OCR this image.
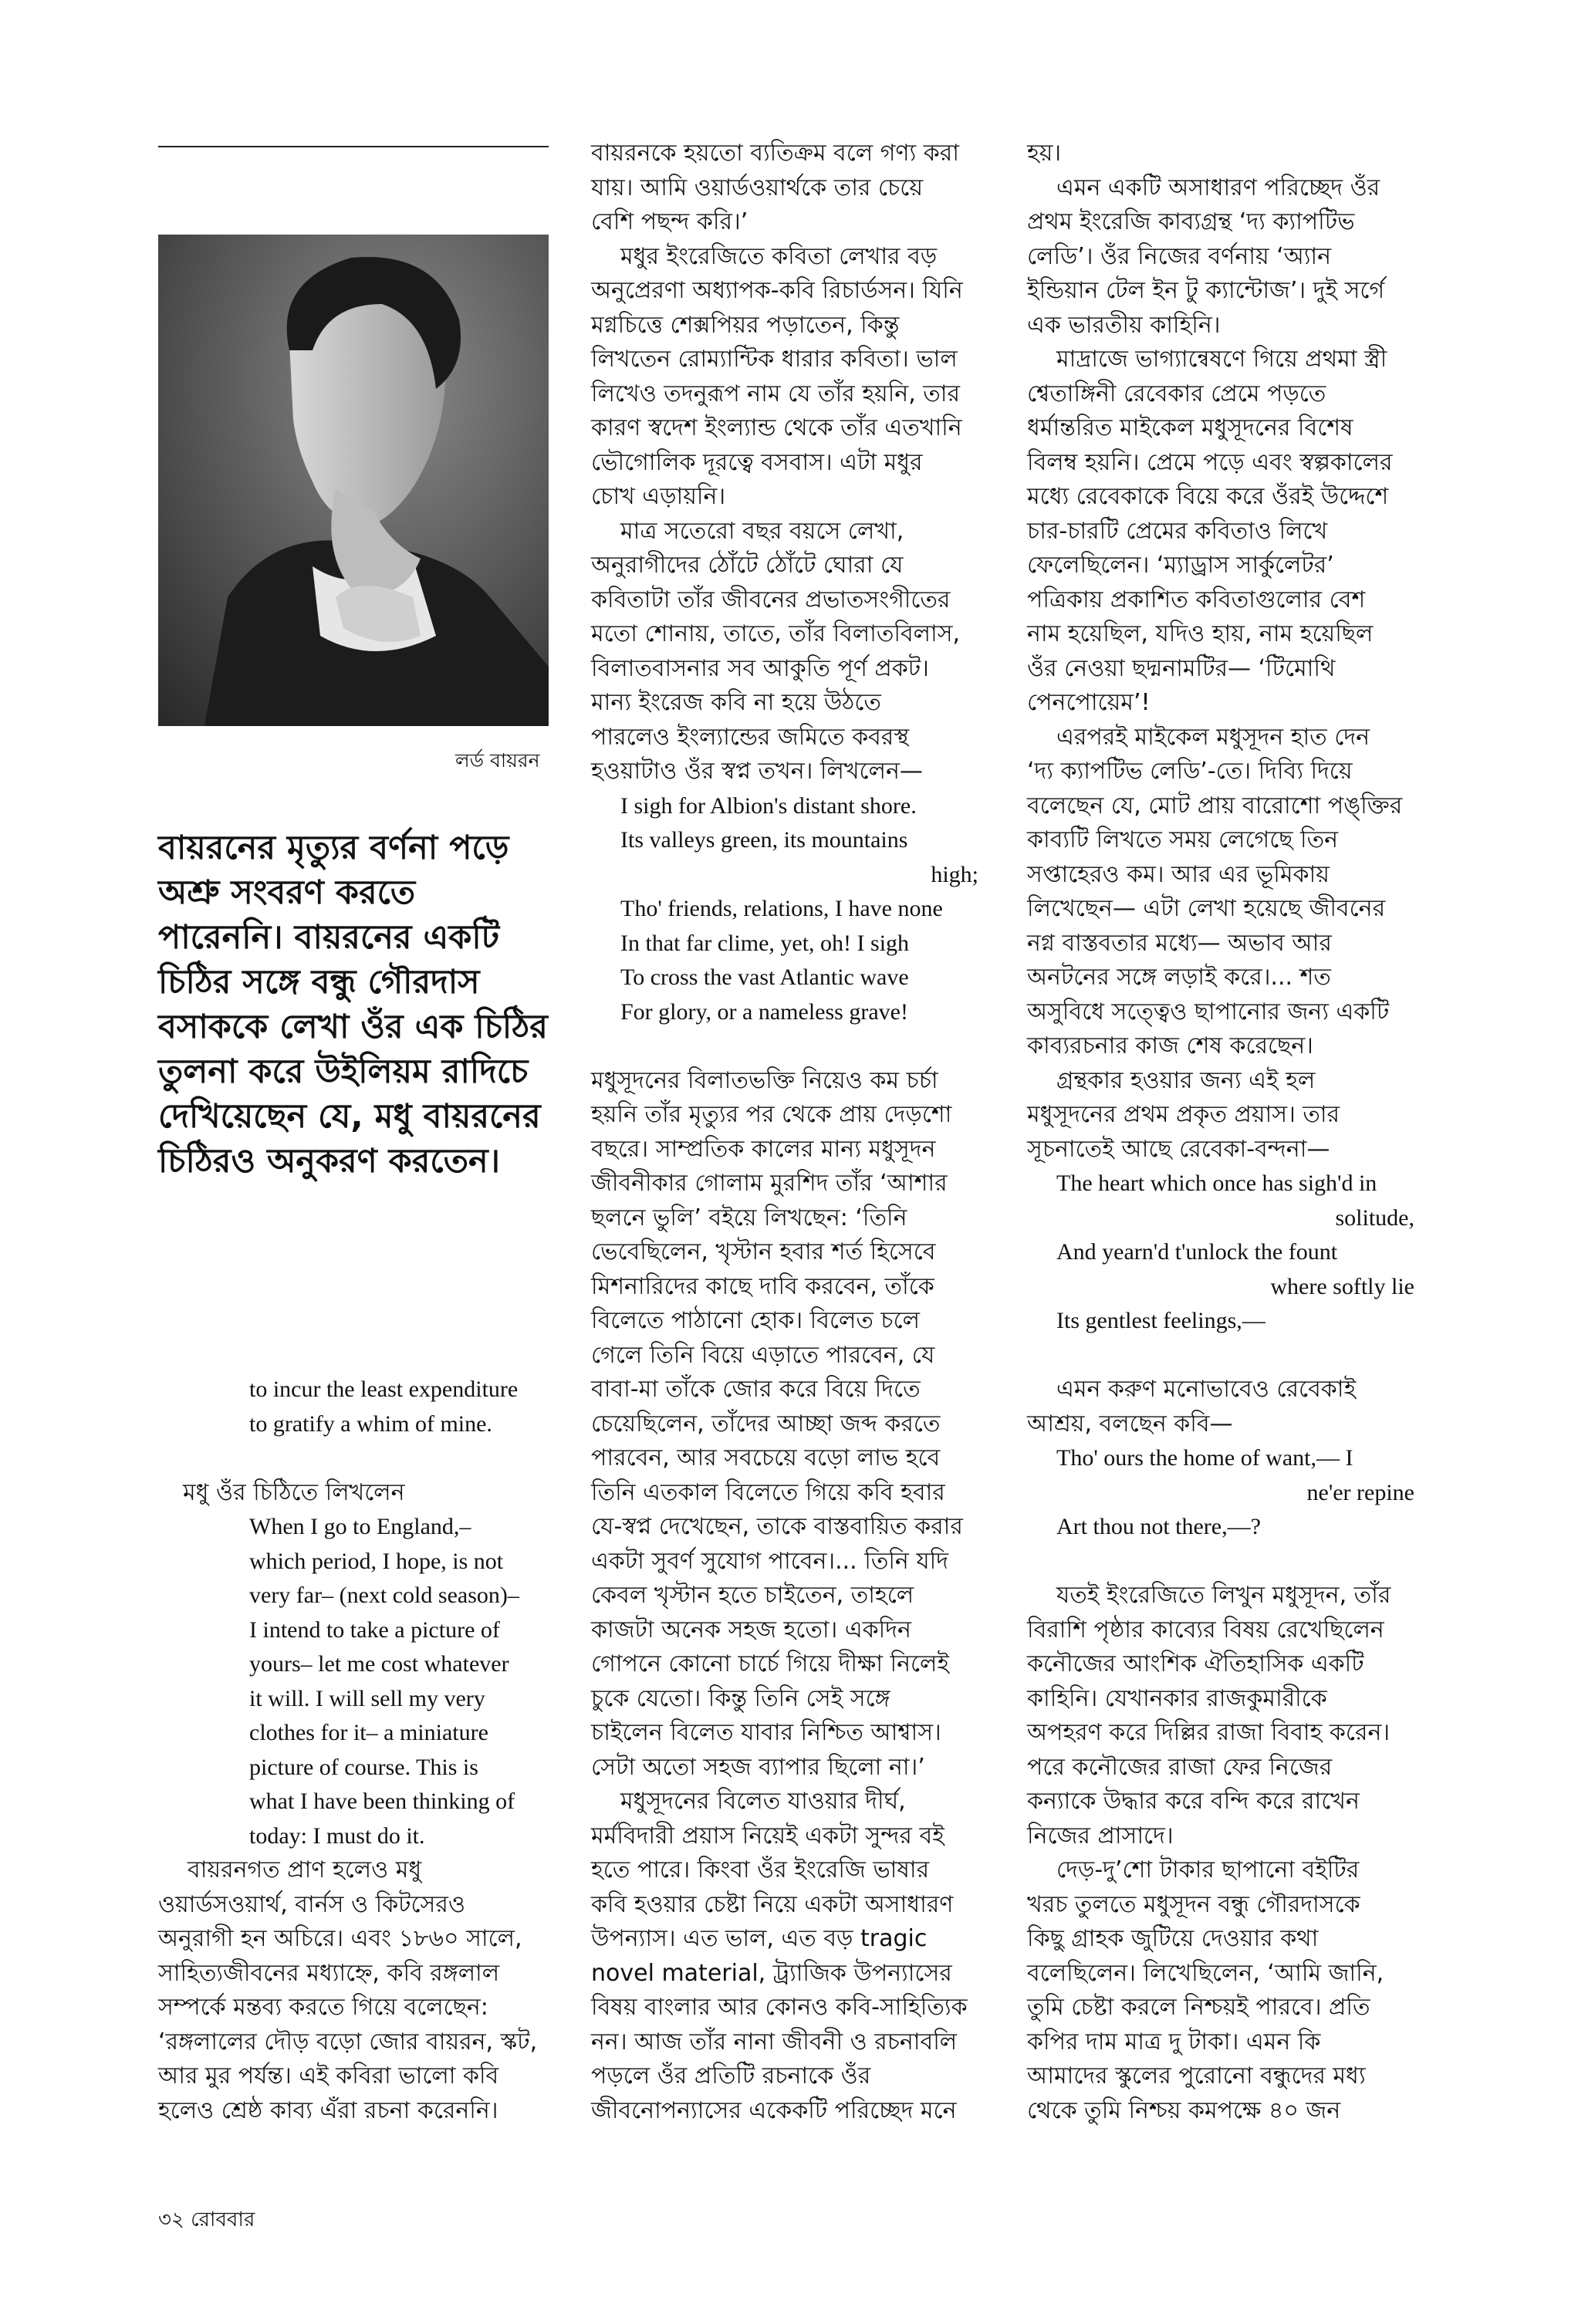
লর্ড বায়রন
বায়রনের মৃত্যুর বর্ণনা পড়ে
অশ্রু সংবরণ করতে
পারেননি। বায়রনের একটি
চিঠির সঙ্গে বন্ধু গৌরদাস
বসাককে লেখা ওঁর এক চিঠির
তুলনা করে উইলিয়ম রাদিচে
দেখিয়েছেন যে, মধু বায়রনের
চিঠিরও অনুকরণ করতেন।
to incur the least expenditure
to gratify a whim of mine.
মধু ওঁর চিঠিতে লিখলেন
When I go to England,–
which period, I hope, is not
very far– (next cold season)–
I intend to take a picture of
yours– let me cost whatever
it will. I will sell my very
clothes for it– a miniature
picture of course. This is
what I have been thinking of
today: I must do it.
বায়রনগত প্রাণ হলেও মধু
ওয়ার্ডসওয়ার্থ, বার্নস ও কিটসেরও
অনুরাগী হন অচিরে। এবং ১৮৬০ সালে,
সাহিত্যজীবনের মধ্যাহ্নে, কবি রঙ্গলাল
সম্পর্কে মন্তব্য করতে গিয়ে বলেছেন:
‘রঙ্গলালের দৌড় বড়ো জোর বায়রন, স্কট,
আর মুর পর্যন্ত। এই কবিরা ভালো কবি
হলেও শ্রেষ্ঠ কাব্য এঁরা রচনা করেননি।
বায়রনকে হয়তো ব্যতিক্রম বলে গণ্য করা
যায়। আমি ওয়ার্ডওয়ার্থকে তার চেয়ে
বেশি পছন্দ করি।’
মধুর ইংরেজিতে কবিতা লেখার বড়
অনুপ্রেরণা অধ্যাপক-কবি রিচার্ডসন। যিনি
মগ্নচিত্তে শেক্সপিয়র পড়াতেন, কিন্তু
লিখতেন রোম্যান্টিক ধারার কবিতা। ভাল
লিখেও তদনুরূপ নাম যে তাঁর হয়নি, তার
কারণ স্বদেশ ইংল্যান্ড থেকে তাঁর এতখানি
ভৌগোলিক দূরত্বে বসবাস। এটা মধুর
চোখ এড়ায়নি।
মাত্র সতেরো বছর বয়সে লেখা,
অনুরাগীদের ঠোঁটে ঠোঁটে ঘোরা যে
কবিতাটা তাঁর জীবনের প্রভাতসংগীতের
মতো শোনায়, তাতে, তাঁর বিলাতবিলাস,
বিলাতবাসনার সব আকুতি পূর্ণ প্রকট।
মান্য ইংরেজ কবি না হয়ে উঠতে
পারলেও ইংল্যান্ডের জমিতে কবরস্থ
হওয়াটাও ওঁর স্বপ্ন তখন। লিখলেন—
I sigh for Albion's distant shore.
Its valleys green, its mountains
high;
Tho' friends, relations, I have none
In that far clime, yet, oh! I sigh
To cross the vast Atlantic wave
For glory, or a nameless grave!
মধুসূদনের বিলাতভক্তি নিয়েও কম চর্চা
হয়নি তাঁর মৃত্যুর পর থেকে প্রায় দেড়শো
বছরে। সাম্প্রতিক কালের মান্য মধুসূদন
জীবনীকার গোলাম মুরশিদ তাঁর ‘আশার
ছলনে ভুলি’ বইয়ে লিখছেন: ‘তিনি
ভেবেছিলেন, খৃস্টান হবার শর্ত হিসেবে
মিশনারিদের কাছে দাবি করবেন, তাঁকে
বিলেতে পাঠানো হোক। বিলেত চলে
গেলে তিনি বিয়ে এড়াতে পারবেন, যে
বাবা-মা তাঁকে জোর করে বিয়ে দিতে
চেয়েছিলেন, তাঁদের আচ্ছা জব্দ করতে
পারবেন, আর সবচেয়ে বড়ো লাভ হবে
তিনি এতকাল বিলেতে গিয়ে কবি হবার
যে-স্বপ্ন দেখেছেন, তাকে বাস্তবায়িত করার
একটা সুবর্ণ সুযোগ পাবেন।... তিনি যদি
কেবল খৃস্টান হতে চাইতেন, তাহলে
কাজটা অনেক সহজ হতো। একদিন
গোপনে কোনো চার্চে গিয়ে দীক্ষা নিলেই
চুকে যেতো। কিন্তু তিনি সেই সঙ্গে
চাইলেন বিলেত যাবার নিশ্চিত আশ্বাস।
সেটা অতো সহজ ব্যাপার ছিলো না।’
মধুসূদনের বিলেত যাওয়ার দীর্ঘ,
মর্মবিদারী প্রয়াস নিয়েই একটা সুন্দর বই
হতে পারে। কিংবা ওঁর ইংরেজি ভাষার
কবি হওয়ার চেষ্টা নিয়ে একটা অসাধারণ
উপন্যাস। এত ভাল, এত বড় tragic
novel material, ট্র্যাজিক উপন্যাসের
বিষয় বাংলার আর কোনও কবি-সাহিত্যিক
নন। আজ তাঁর নানা জীবনী ও রচনাবলি
পড়লে ওঁর প্রতিটি রচনাকে ওঁর
জীবনোপন্যাসের একেকটি পরিচ্ছেদ মনে
হয়।
এমন একটি অসাধারণ পরিচ্ছেদ ওঁর
প্রথম ইংরেজি কাব্যগ্রন্থ ‘দ্য ক্যাপটিভ
লেডি’। ওঁর নিজের বর্ণনায় ‘অ্যান
ইন্ডিয়ান টেল ইন টু ক্যান্টোজ’। দুই সর্গে
এক ভারতীয় কাহিনি।
মাদ্রাজে ভাগ্যান্বেষণে গিয়ে প্রথমা স্ত্রী
শ্বেতাঙ্গিনী রেবেকার প্রেমে পড়তে
ধর্মান্তরিত মাইকেল মধুসূদনের বিশেষ
বিলম্ব হয়নি। প্রেমে পড়ে এবং স্বল্পকালের
মধ্যে রেবেকাকে বিয়ে করে ওঁরই উদ্দেশে
চার-চারটি প্রেমের কবিতাও লিখে
ফেলেছিলেন। ‘ম্যাড্রাস সার্কুলেটর’
পত্রিকায় প্রকাশিত কবিতাগুলোর বেশ
নাম হয়েছিল, যদিও হায়, নাম হয়েছিল
ওঁর নেওয়া ছদ্মনামটির— ‘টিমোথি
পেনপোয়েম’!
এরপরই মাইকেল মধুসূদন হাত দেন
‘দ্য ক্যাপটিভ লেডি’-তে। দিব্যি দিয়ে
বলেছেন যে, মোট প্রায় বারোশো পঙ্‌ক্তির
কাব্যটি লিখতে সময় লেগেছে তিন
সপ্তাহেরও কম। আর এর ভূমিকায়
লিখেছেন— এটা লেখা হয়েছে জীবনের
নগ্ন বাস্তবতার মধ্যে— অভাব আর
অনটনের সঙ্গে লড়াই করে।... শত
অসুবিধে সত্ত্বেও ছাপানোর জন্য একটি
কাব্যরচনার কাজ শেষ করেছেন।
গ্রন্থকার হওয়ার জন্য এই হল
মধুসূদনের প্রথম প্রকৃত প্রয়াস। তার
সূচনাতেই আছে রেবেকা-বন্দনা—
The heart which once has sigh'd in
solitude,
And yearn'd t'unlock the fount
where softly lie
Its gentlest feelings,—
এমন করুণ মনোভাবেও রেবেকাই
আশ্রয়, বলছেন কবি—
Tho' ours the home of want,— I
ne'er repine
Art thou not there,—?
যতই ইংরেজিতে লিখুন মধুসূদন, তাঁর
বিরাশি পৃষ্ঠার কাব্যের বিষয় রেখেছিলেন
কনৌজের আংশিক ঐতিহাসিক একটি
কাহিনি। যেখানকার রাজকুমারীকে
অপহরণ করে দিল্লির রাজা বিবাহ করেন।
পরে কনৌজের রাজা ফের নিজের
কন্যাকে উদ্ধার করে বন্দি করে রাখেন
নিজের প্রাসাদে।
দেড়-দু’শো টাকার ছাপানো বইটির
খরচ তুলতে মধুসূদন বন্ধু গৌরদাসকে
কিছু গ্রাহক জুটিয়ে দেওয়ার কথা
বলেছিলেন। লিখেছিলেন, ‘আমি জানি,
তুমি চেষ্টা করলে নিশ্চয়ই পারবে। প্রতি
কপির দাম মাত্র দু টাকা। এমন কি
আমাদের স্কুলের পুরোনো বন্ধুদের মধ্য
থেকে তুমি নিশ্চয় কমপক্ষে ৪০ জন
৩২ রোববার
